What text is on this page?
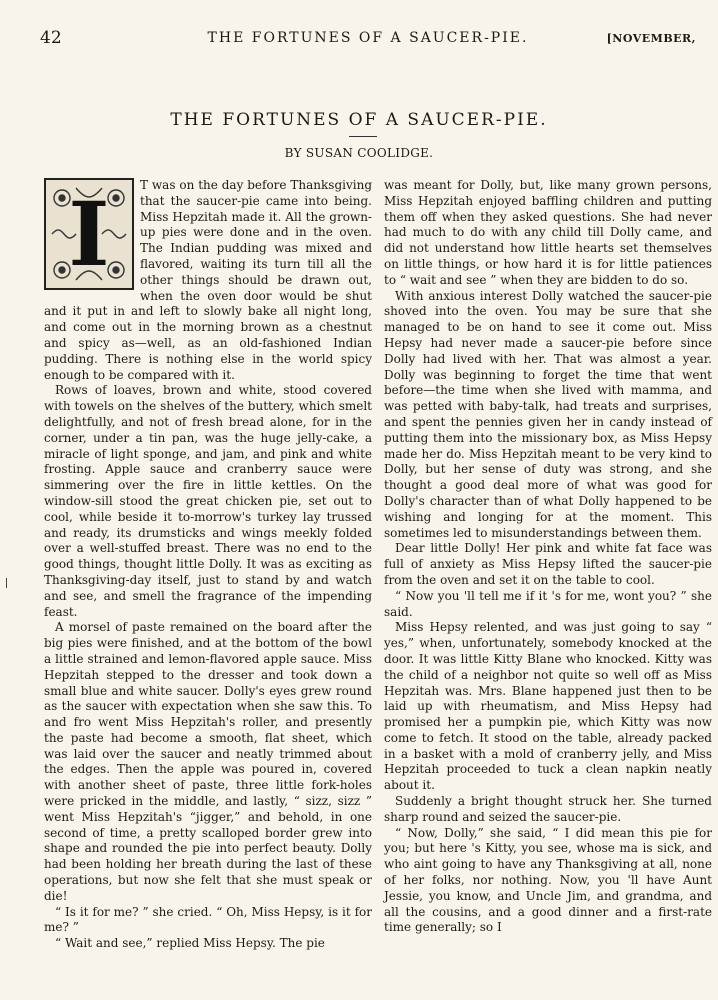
42	THE FORTUNES OF A SAUCER-PIE.	[NOVEMBER,
THE FORTUNES OF A SAUCER-PIE.
BY SUSAN COOLIDGE.

I	T was on the day before Thanksgiving that the saucer-pie came into being. Miss Hepzitah made it. All the grown-up pies were done and in the oven. The Indian pudding was mixed and flavored, waiting its turn till all the other things should be drawn out, when the oven door would be shut and it put in and left to slowly bake all night long, and come out in the morning brown as a chestnut and spicy as—well, as an old-fashioned Indian pudding. There is nothing else in the world spicy enough to be compared with it.

Rows of loaves, brown and white, stood covered with towels on the shelves of the buttery, which smelt delightfully, and not of fresh bread alone, for in the corner, under a tin pan, was the huge jelly-cake, a miracle of light sponge, and jam, and pink and white frosting. Apple sauce and cranberry sauce were simmering over the fire in little kettles. On the window-sill stood the great chicken pie, set out to cool, while beside it to-morrow's turkey lay trussed and ready, its drumsticks and wings meekly folded over a well-stuffed breast. There was no end to the good things, thought little Dolly. It was as exciting as Thanksgiving-day itself, just to stand by and watch and see, and smell the fragrance of the impending feast.

A morsel of paste remained on the board after the big pies were finished, and at the bottom of the bowl a little strained and lemon-flavored apple sauce. Miss Hepzitah stepped to the dresser and took down a small blue and white saucer. Dolly's eyes grew round as the saucer with expectation when she saw this. To and fro went Miss Hepzitah's roller, and presently the paste had become a smooth, flat sheet, which was laid over the saucer and neatly trimmed about the edges. Then the apple was poured in, covered with another sheet of paste, three little fork-holes were pricked in the middle, and lastly, “ sizz, sizz ” went Miss Hepzitah's “jigger,” and behold, in one second of time, a pretty scalloped border grew into shape and rounded the pie into perfect beauty. Dolly had been holding her breath during the last of these operations, but now she felt that she must speak or die!

“ Is it for me? ” she cried. “ Oh, Miss Hepsy, is it for me? ”

“ Wait and see,” replied Miss Hepsy. The pie

was meant for Dolly, but, like many grown persons, Miss Hepzitah enjoyed baffling children and putting them off when they asked questions. She had never had much to do with any child till Dolly came, and did not understand how little hearts set themselves on little things, or how hard it is for little patiences to “ wait and see ” when they are bidden to do so.

With anxious interest Dolly watched the saucer-pie shoved into the oven. You may be sure that she managed to be on hand to see it come out. Miss Hepsy had never made a saucer-pie before since Dolly had lived with her. That was almost a year. Dolly was beginning to forget the time that went before—the time when she lived with mamma, and was petted with baby-talk, had treats and surprises, and spent the pennies given her in candy instead of putting them into the missionary box, as Miss Hepsy made her do. Miss Hepzitah meant to be very kind to Dolly, but her sense of duty was strong, and she thought a good deal more of what was good for Dolly's character than of what Dolly happened to be wishing and longing for at the moment. This sometimes led to misunderstandings between them.

Dear little Dolly! Her pink and white fat face was full of anxiety as Miss Hepsy lifted the saucer-pie from the oven and set it on the table to cool.

“ Now you 'll tell me if it 's for me, wont you? ” she said.

Miss Hepsy relented, and was just going to say “ yes,” when, unfortunately, somebody knocked at the door. It was little Kitty Blane who knocked. Kitty was the child of a neighbor not quite so well off as Miss Hepzitah was. Mrs. Blane happened just then to be laid up with rheumatism, and Miss Hepsy had promised her a pumpkin pie, which Kitty was now come to fetch. It stood on the table, already packed in a basket with a mold of cranberry jelly, and Miss Hepzitah proceeded to tuck a clean napkin neatly about it.

Suddenly a bright thought struck her. She turned sharp round and seized the saucer-pie.

“ Now, Dolly,” she said, “ I did mean this pie for you; but here 's Kitty, you see, whose ma is sick, and who aint going to have any Thanksgiving at all, none of her folks, nor nothing. Now, you 'll have Aunt Jessie, you know, and Uncle Jim, and grandma, and all the cousins, and a good dinner and a first-rate time generally; so I
